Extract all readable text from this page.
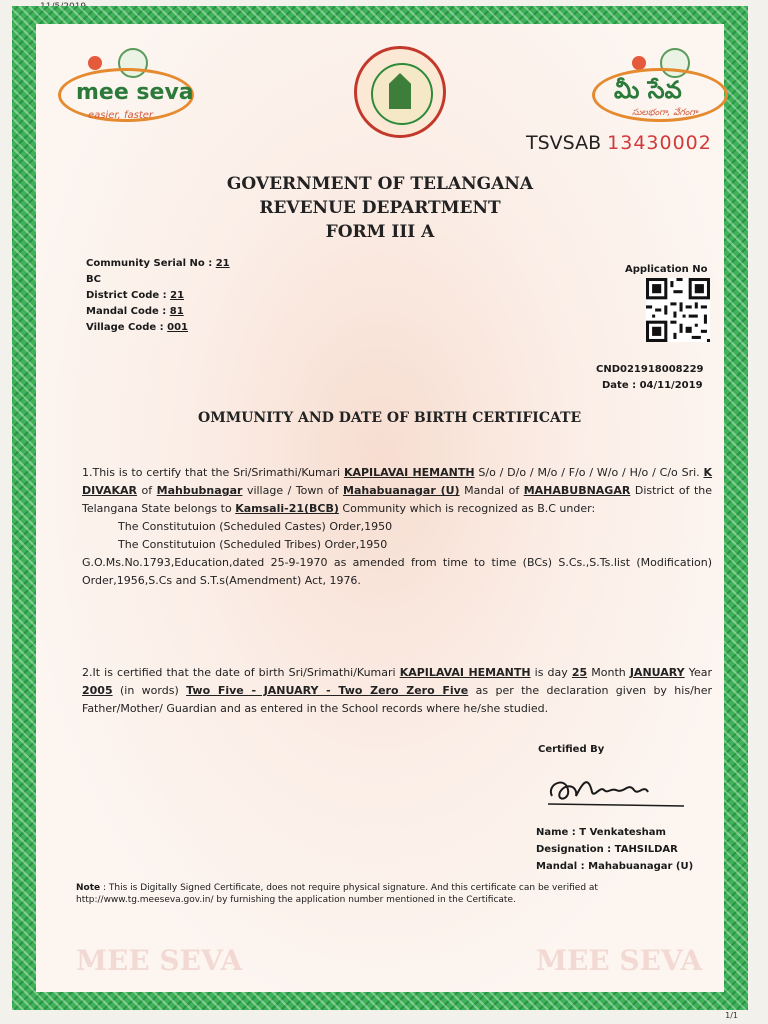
mee seva
easier, faster
మీ సేవ
సులభంగా, వేగంగా
TSVSAB 13430002
GOVERNMENT OF TELANGANA
REVENUE DEPARTMENT
FORM III A
Community Serial No : 21
BC
District Code : 21
Mandal Code : 81
Village Code : 001
Application No
CND021918008229
Date : 04/11/2019
OMMUNITY AND DATE OF BIRTH CERTIFICATE
1.This is to certify that the Sri/Srimathi/Kumari KAPILAVAI HEMANTH S/o / D/o / M/o / F/o / W/o / H/o / C/o Sri. K DIVAKAR of Mahbubnagar village / Town of Mahabuanagar (U) Mandal of MAHABUBNAGAR District of the Telangana State belongs to Kamsali-21(BCB) Community which is recognized as B.C under:
The Constitutuion (Scheduled Castes) Order,1950
The Constitutuion (Scheduled Tribes) Order,1950
G.O.Ms.No.1793,Education,dated 25-9-1970 as amended from time to time (BCs) S.Cs.,S.Ts.list (Modification) Order,1956,S.Cs and S.T.s(Amendment) Act, 1976.
2.It is certified that the date of birth Sri/Srimathi/Kumari KAPILAVAI HEMANTH is day 25 Month JANUARY Year 2005 (in words) Two Five - JANUARY - Two Zero Zero Five as per the declaration given by his/her Father/Mother/ Guardian and as entered in the School records where he/she studied.
Certified By
Name : T Venkatesham
Designation : TAHSILDAR
Mandal : Mahabuanagar (U)
Note : This is Digitally Signed Certificate, does not require physical signature. And this certificate can be verified at http://www.tg.meeseva.gov.in/ by furnishing the application number mentioned in the Certificate.
MEE SEVA	MEE SEVA
1/1
